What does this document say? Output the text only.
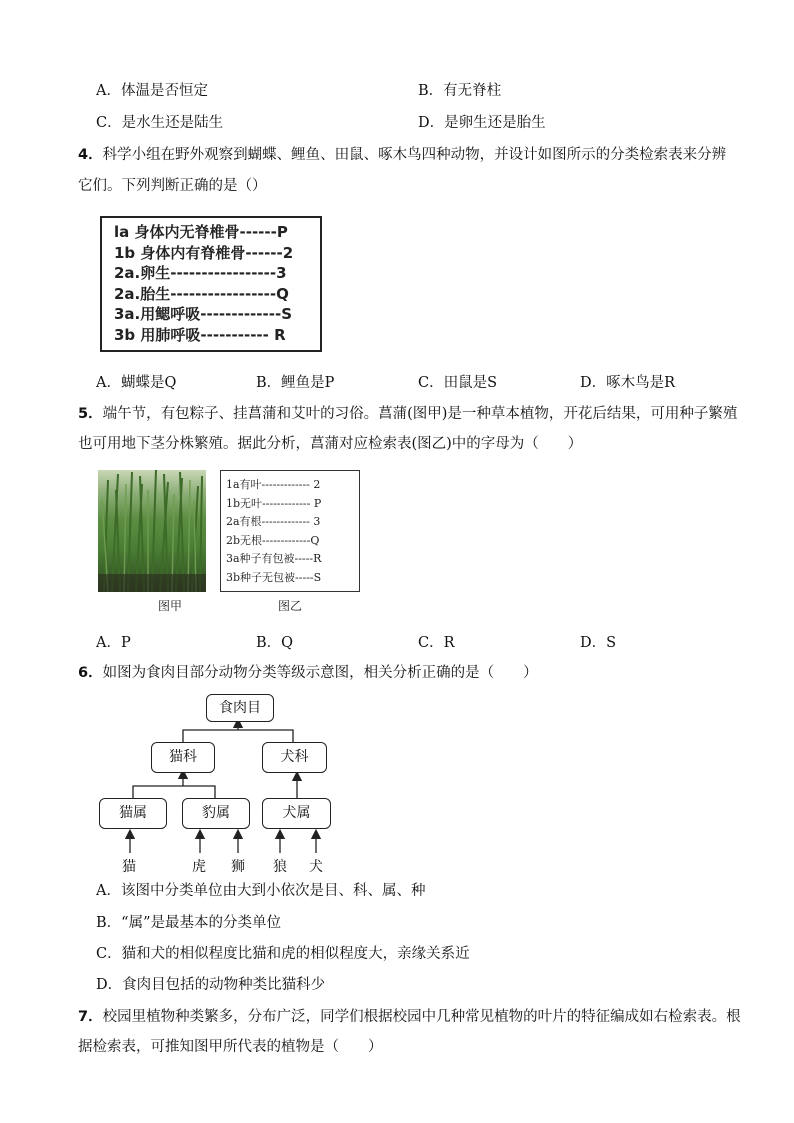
A．体温是否恒定	B．有无脊柱
C．是水生还是陆生	D．是卵生还是胎生
4．科学小组在野外观察到蝴蝶、鲤鱼、田鼠、啄木鸟四种动物，并设计如图所示的分类检索表来分辨
它们。下列判断正确的是（）
la 身体内无脊椎骨------P
1b 身体内有脊椎骨------2
2a.卵生-----------------3
2a.胎生-----------------Q
3a.用鳃呼吸-------------S
3b 用肺呼吸----------- R
A．蝴蝶是Q	B．鲤鱼是P	C．田鼠是S	D．啄木鸟是R
5．端午节，有包粽子、挂菖蒲和艾叶的习俗。菖蒲(图甲)是一种草本植物，开花后结果，可用种子繁殖
也可用地下茎分株繁殖。据此分析，菖蒲对应检索表(图乙)中的字母为（　　）
1a有叶------------- 2
1b无叶------------- P
2a有根------------- 3
2b无根-------------Q
3a种子有包被-----R
3b种子无包被-----S
图甲	图乙
A．P	B．Q	C．R	D．S
6．如图为食肉目部分动物分类等级示意图，相关分析正确的是（　　）
食肉目
猫科	犬科
猫属	豹属	犬属
猫	虎 狮 狼 犬
A．该图中分类单位由大到小依次是目、科、属、种
B．“属”是最基本的分类单位
C．猫和犬的相似程度比猫和虎的相似程度大，亲缘关系近
D．食肉目包括的动物种类比猫科少
7．校园里植物种类繁多，分布广泛，同学们根据校园中几种常见植物的叶片的特征编成如右检索表。根
据检索表，可推知图甲所代表的植物是（　　）
